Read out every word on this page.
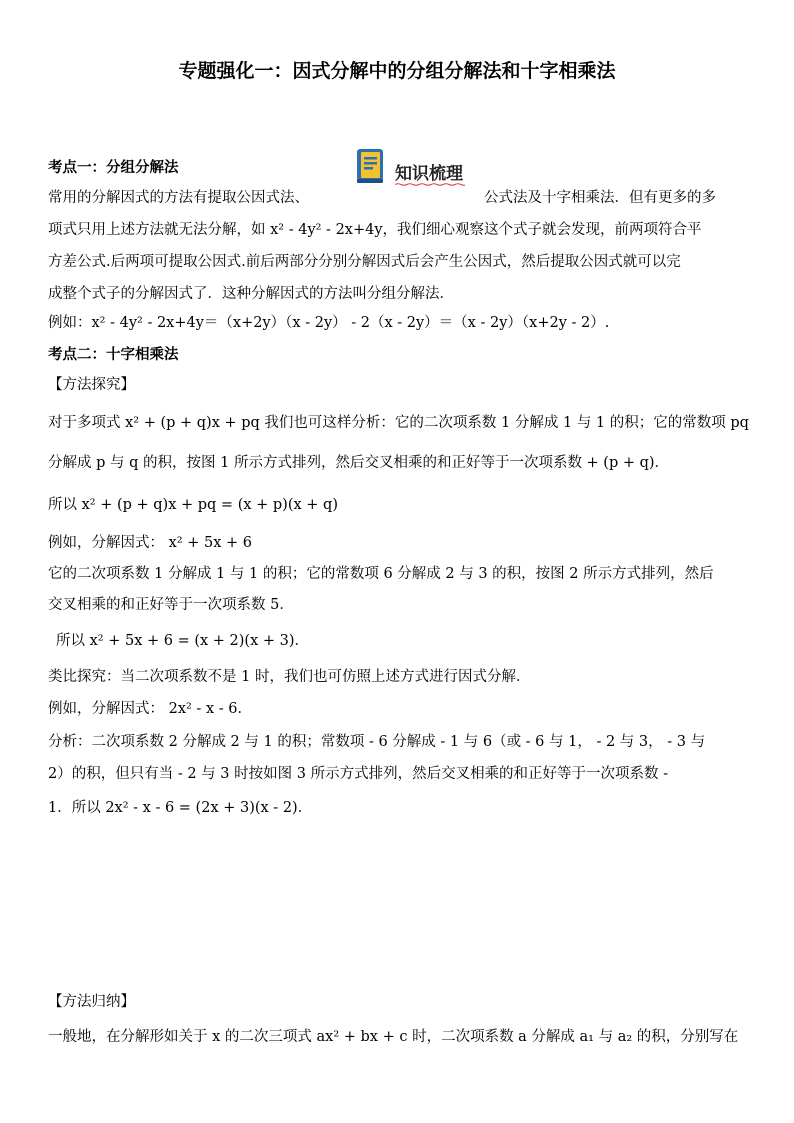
专题强化一：因式分解中的分组分解法和十字相乘法
知识梳理
考点一：分组分解法
常用的分解因式的方法有提取公因式法、	公式法及十字相乘法．但有更多的多
项式只用上述方法就无法分解，如 x² - 4y² - 2x+4y，我们细心观察这个式子就会发现，前两项符合平
方差公式.后两项可提取公因式.前后两部分分别分解因式后会产生公因式，然后提取公因式就可以完
成整个式子的分解因式了．这种分解因式的方法叫分组分解法．
例如：x² - 4y² - 2x+4y＝（x+2y）（x - 2y） - 2（x - 2y）＝（x - 2y）（x+2y - 2）.
考点二：十字相乘法
【方法探究】
对于多项式 x² + (p + q)x + pq 我们也可这样分析：它的二次项系数 1 分解成 1 与 1 的积；它的常数项 pq
分解成 p 与 q 的积，按图 1 所示方式排列，然后交叉相乘的和正好等于一次项系数 + (p + q)．
所以 x² + (p + q)x + pq = (x + p)(x + q)
例如，分解因式： x² + 5x + 6
它的二次项系数 1 分解成 1 与 1 的积；它的常数项 6 分解成 2 与 3 的积，按图 2 所示方式排列，然后
交叉相乘的和正好等于一次项系数 5．
所以 x² + 5x + 6 = (x + 2)(x + 3)．
类比探究：当二次项系数不是 1 时，我们也可仿照上述方式进行因式分解．
例如，分解因式： 2x² - x - 6．
分析：二次项系数 2 分解成 2 与 1 的积；常数项 - 6 分解成 - 1 与 6（或 - 6 与 1， - 2 与 3， - 3 与
2）的积，但只有当 - 2 与 3 时按如图 3 所示方式排列，然后交叉相乘的和正好等于一次项系数 -
1．所以 2x² - x - 6 = (2x + 3)(x - 2)．
【方法归纳】
一般地，在分解形如关于 x 的二次三项式 ax² + bx + c 时，二次项系数 a 分解成 a₁ 与 a₂ 的积，分别写在
